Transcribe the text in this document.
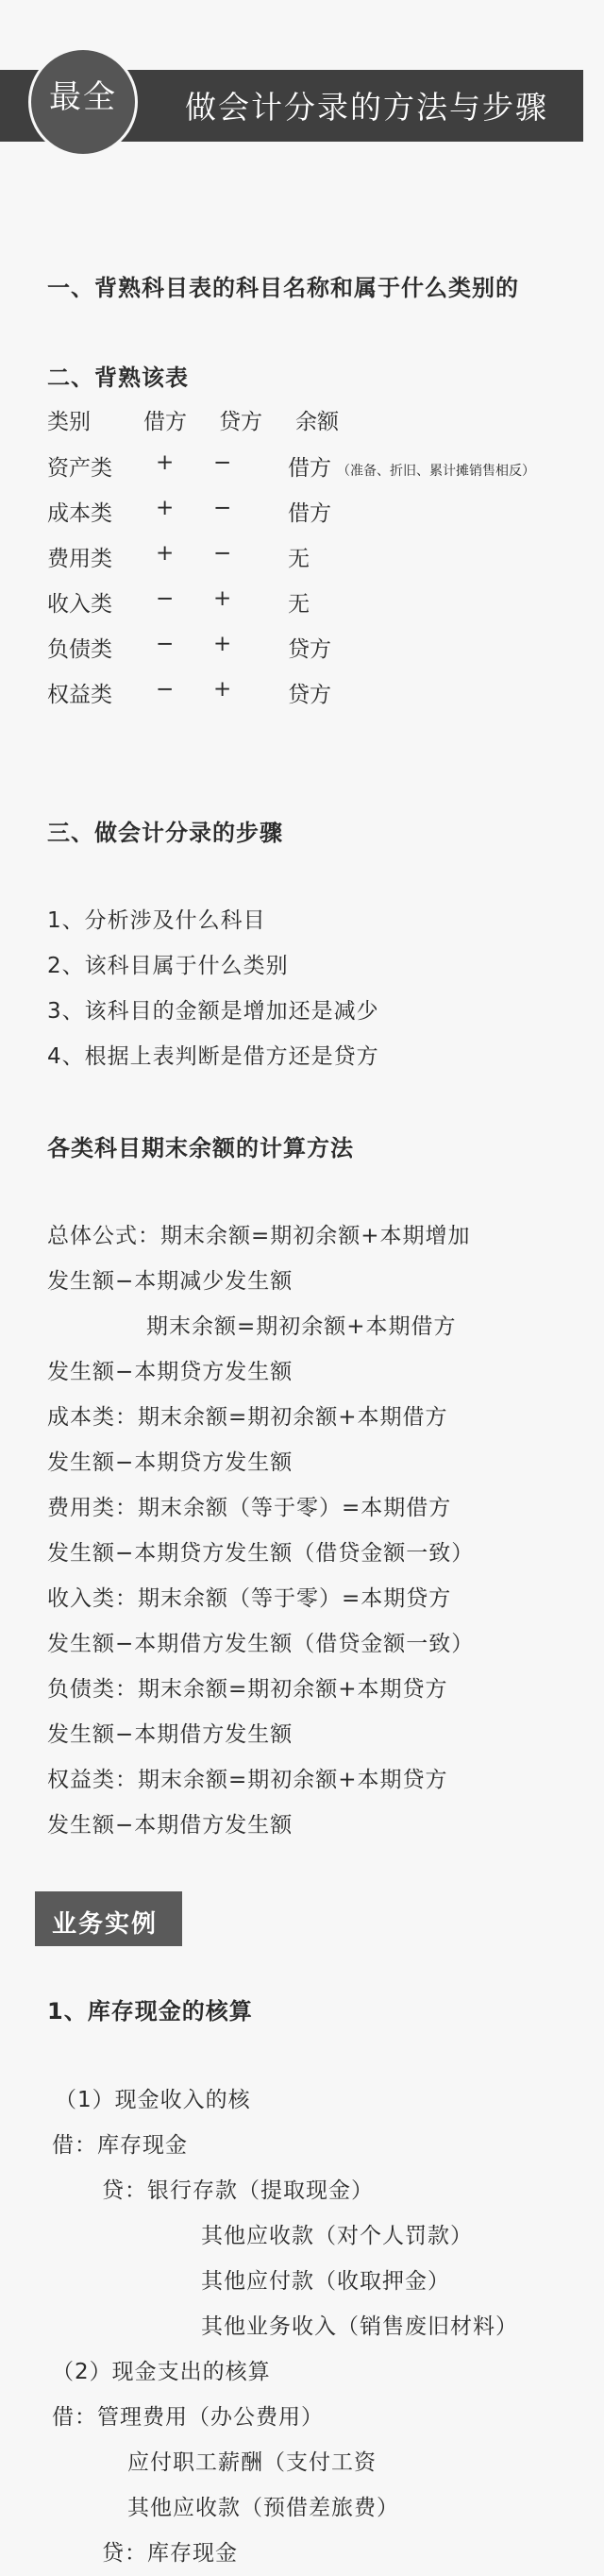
最全 做会计分录的方法与步骤
一、背熟科目表的科目名称和属于什么类别的
二、背熟该表
类别 借方 贷方 余额
资产类 + −	借方 （准备、折旧、累计摊销售相反）
成本类 + −	借方
费用类 + −	无
收入类 − +	无
负债类 − +	贷方
权益类 − +	贷方
三、做会计分录的步骤
1、分析涉及什么科目
2、该科目属于什么类别
3、该科目的金额是增加还是减少
4、根据上表判断是借方还是贷方
各类科目期末余额的计算方法
总体公式：期末余额=期初余额+本期增加
发生额−本期减少发生额
期末余额=期初余额+本期借方
发生额−本期贷方发生额
成本类：期末余额=期初余额+本期借方
发生额−本期贷方发生额
费用类：期末余额（等于零）=本期借方
发生额−本期贷方发生额（借贷金额一致）
收入类：期末余额（等于零）=本期贷方
发生额−本期借方发生额（借贷金额一致）
负债类：期末余额=期初余额+本期贷方
发生额−本期借方发生额
权益类：期末余额=期初余额+本期贷方
发生额−本期借方发生额
业务实例
1、库存现金的核算
（1）现金收入的核
借：库存现金
贷：银行存款（提取现金）
其他应收款（对个人罚款）
其他应付款（收取押金）
其他业务收入（销售废旧材料）
（2）现金支出的核算
借：管理费用（办公费用）
应付职工薪酬（支付工资
其他应收款（预借差旅费）
贷：库存现金
